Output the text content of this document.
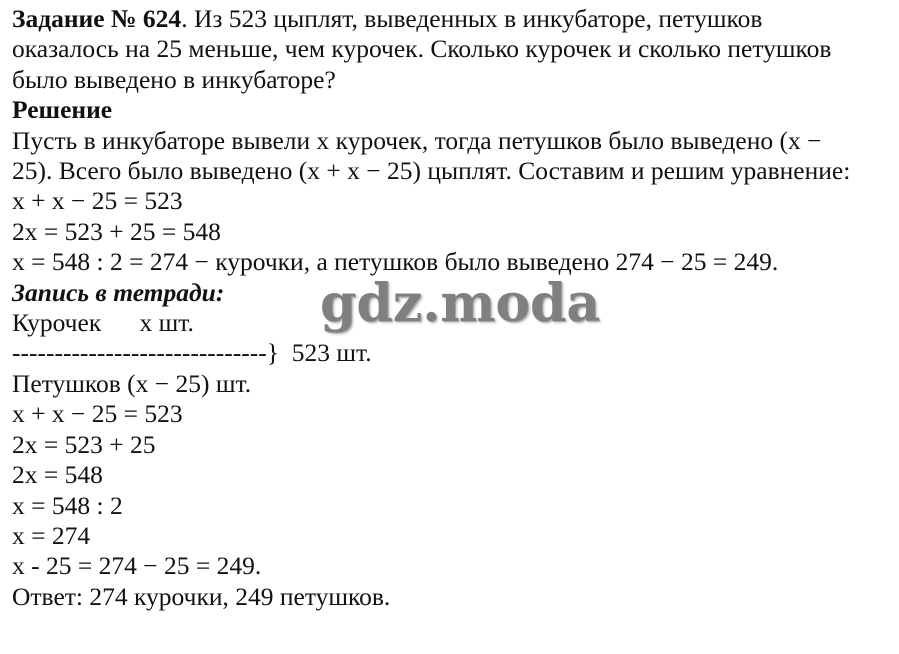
Задание № 624. Из 523 цыплят, выведенных в инкубаторе, петушков

оказалось на 25 меньше, чем курочек. Сколько курочек и сколько петушков

было выведено в инкубаторе?

Решение

Пусть в инкубаторе вывели х курочек, тогда петушков было выведено (х −

25). Всего было выведено (х + х − 25) цыплят. Составим и решим уравнение:

х + х − 25 = 523

2х = 523 + 25 = 548

х = 548 : 2 = 274 − курочки, а петушков было выведено 274 − 25 = 249.

Запись в тетради:

Курочек      х шт.

------------------------------}  523 шт.

Петушков (х − 25) шт.

х + х − 25 = 523

2х = 523 + 25

2х = 548

х = 548 : 2

х = 274

х - 25 = 274 − 25 = 249.

Ответ: 274 курочки, 249 петушков.

gdz.moda
